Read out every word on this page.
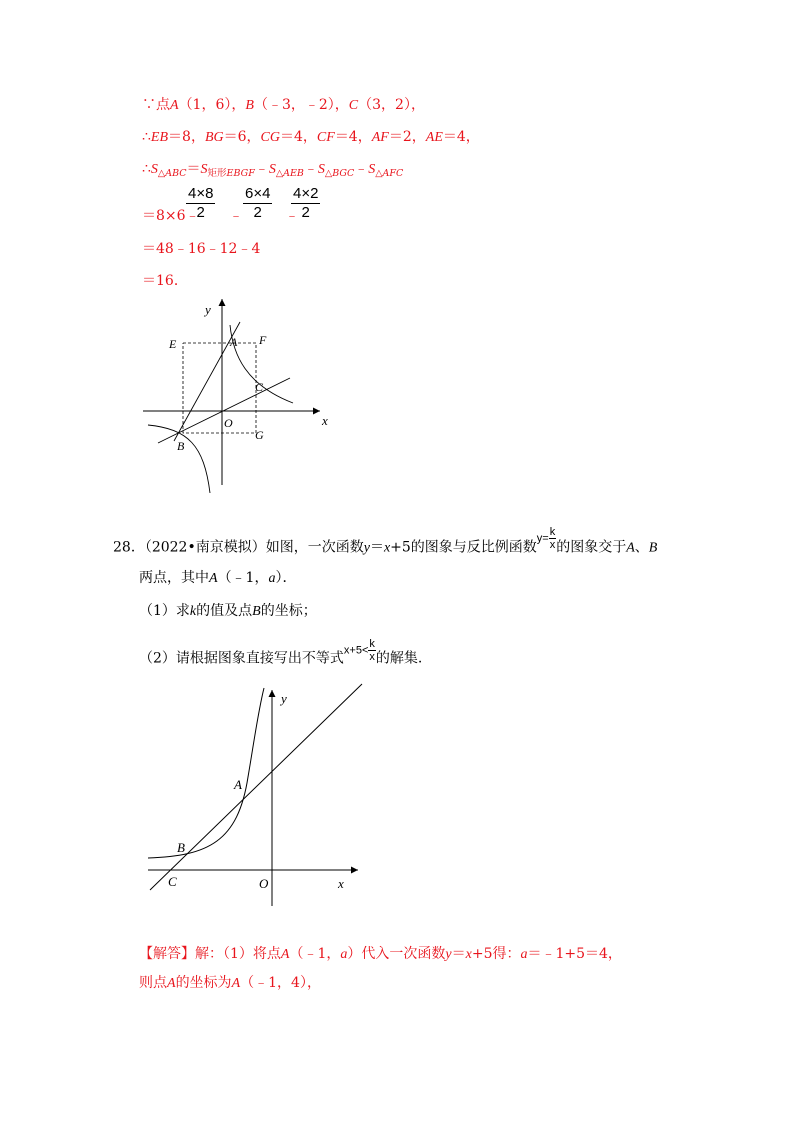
∵点A（1，6），B（﹣3，﹣2），C（3，2），
∴EB＝8，BG＝6，CG＝4，CF＝4，AF＝2，AE＝4，
$\therefore S_{\triangle ABC}=S_{矩形EBGF}﹣S_{\triangle AEB}﹣S_{\triangle BGC}﹣S_{\triangle AFC}$
＝8×6﹣
$\frac{4\times 8}{2}$ ﹣ $\frac{6\times 4}{2}$ ﹣
$\frac{4\times 2}{2}$
＝48﹣16﹣12﹣4
＝16．
y
x
E	A F
C
O
G
B
28．（2022•南京模拟）如图，一次函数y＝x+5的图象与反比例函数$y= \frac{k}{x}$ 的图象交于A、B
两点，其中A（﹣1，a）．
（1）求k的值及点B的坐标；
（2）请根据图象直接写出不等式$x+5< \frac{k}{x}$ 的解集.
y
A
B
C	O	x
【解答】解：（1）将点A（﹣1，a）代入一次函数y＝x+5得：a＝﹣1+5＝4，
则点A的坐标为A（﹣1，4），
